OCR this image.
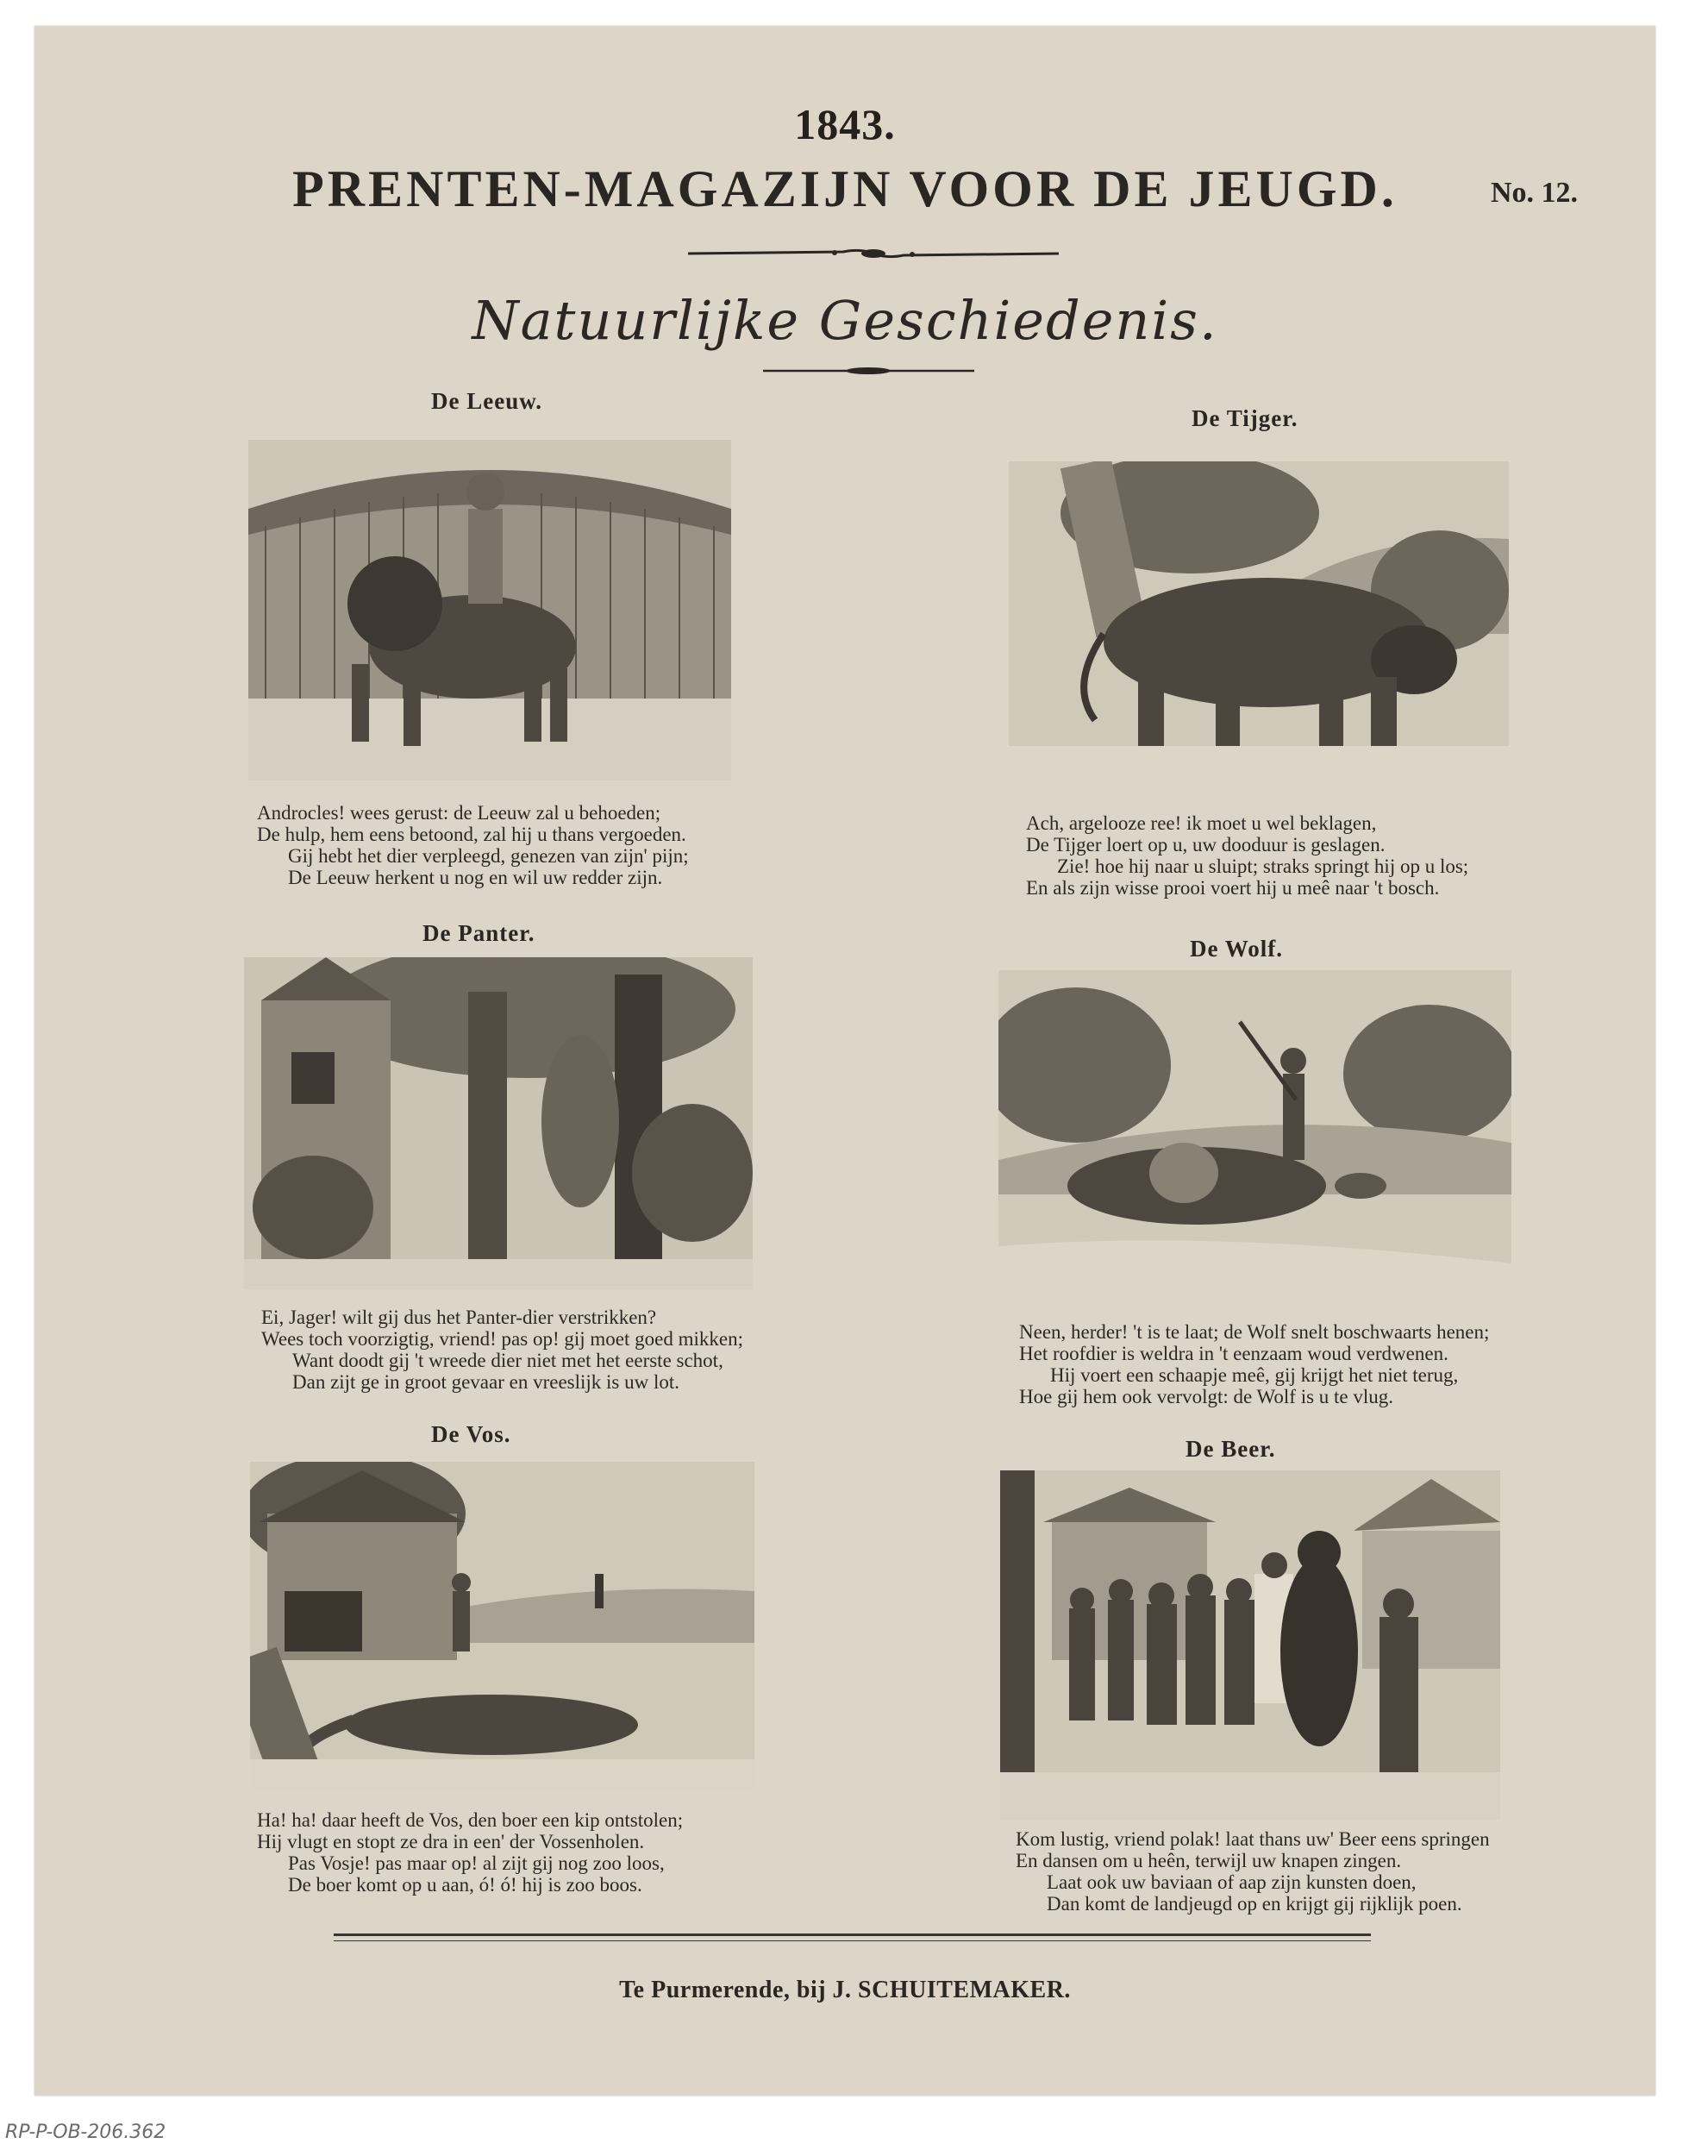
1843.
PRENTEN-MAGAZIJN VOOR DE JEUGD.	No. 12.
Natuurlijke Geschiedenis.
De Leeuw.
Androcles! wees gerust: de Leeuw zal u behoeden;
De hulp, hem eens betoond, zal hij u thans vergoeden.
Gij hebt het dier verpleegd, genezen van zijn' pijn;
De Leeuw herkent u nog en wil uw redder zijn.
De Tijger.
Ach, argelooze ree! ik moet u wel beklagen,
De Tijger loert op u, uw dooduur is geslagen.
Zie! hoe hij naar u sluipt; straks springt hij op u los;
En als zijn wisse prooi voert hij u meê naar 't bosch.
De Panter.
Ei, Jager! wilt gij dus het Panter-dier verstrikken?
Wees toch voorzigtig, vriend! pas op! gij moet goed mikken;
Want doodt gij 't wreede dier niet met het eerste schot,
Dan zijt ge in groot gevaar en vreeslijk is uw lot.
De Wolf.
Neen, herder! 't is te laat; de Wolf snelt boschwaarts henen;
Het roofdier is weldra in 't eenzaam woud verdwenen.
Hij voert een schaapje meê, gij krijgt het niet terug,
Hoe gij hem ook vervolgt: de Wolf is u te vlug.
De Vos.
Ha! ha! daar heeft de Vos, den boer een kip ontstolen;
Hij vlugt en stopt ze dra in een' der Vossenholen.
Pas Vosje! pas maar op! al zijt gij nog zoo loos,
De boer komt op u aan, ó! ó! hij is zoo boos.
De Beer.
Kom lustig, vriend polak! laat thans uw' Beer eens springen
En dansen om u heên, terwijl uw knapen zingen.
Laat ook uw baviaan of aap zijn kunsten doen,
Dan komt de landjeugd op en krijgt gij rijklijk poen.
Te Purmerende, bij J. SCHUITEMAKER.
RP-P-OB-206.362
